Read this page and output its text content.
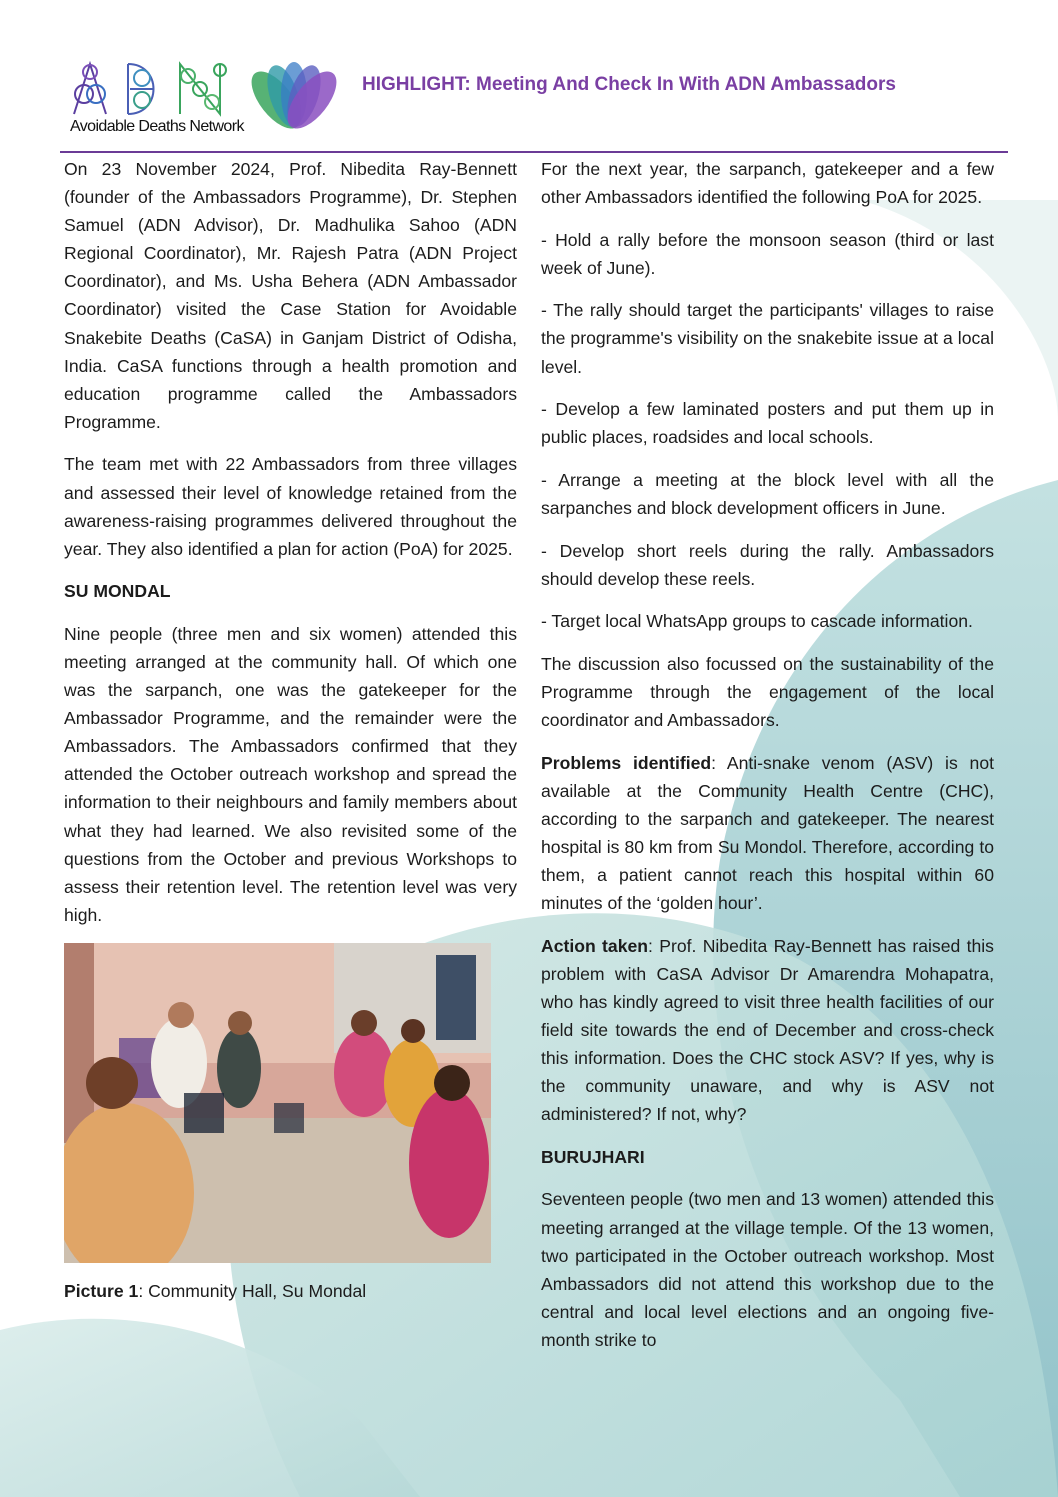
Avoidable Deaths Network
HIGHLIGHT: Meeting And Check In With ADN Ambassadors

On 23 November 2024, Prof. Nibedita Ray-Bennett (founder of the Ambassadors Programme), Dr. Stephen Samuel (ADN Advisor), Dr. Madhulika Sahoo (ADN Regional Coordinator), Mr. Rajesh Patra (ADN Project Coordinator), and Ms. Usha Behera (ADN Ambassador Coordinator) visited the Case Station for Avoidable Snakebite Deaths (CaSA) in Ganjam District of Odisha, India. CaSA functions through a health promotion and education programme called the Ambassadors Programme.

The team met with 22 Ambassadors from three villages and assessed their level of knowledge retained from the awareness-raising programmes delivered throughout the year. They also identified a plan for action (PoA) for 2025.

SU MONDAL

Nine people (three men and six women) attended this meeting arranged at the community hall. Of which one was the sarpanch, one was the gatekeeper for the Ambassador Programme, and the remainder were the Ambassadors. The Ambassadors confirmed that they attended the October outreach workshop and spread the information to their neighbours and family members about what they had learned. We also revisited some of the questions from the October and previous Workshops to assess their retention level. The retention level was very high.

Picture 1: Community Hall, Su Mondal

For the next year, the sarpanch, gatekeeper and a few other Ambassadors identified the following PoA for 2025.

- Hold a rally before the monsoon season (third or last week of June).

- The rally should target the participants' villages to raise the programme's visibility on the snakebite issue at a local level.

- Develop a few laminated posters and put them up in public places, roadsides and local schools.

- Arrange a meeting at the block level with all the sarpanches and block development officers in June.

- Develop short reels during the rally. Ambassadors should develop these reels.

- Target local WhatsApp groups to cascade information.

The discussion also focussed on the sustainability of the Programme through the engagement of the local coordinator and Ambassadors.

Problems identified: Anti-snake venom (ASV) is not available at the Community Health Centre (CHC), according to the sarpanch and gatekeeper. The nearest hospital is 80 km from Su Mondol. Therefore, according to them, a patient cannot reach this hospital within 60 minutes of the ‘golden hour’.

Action taken: Prof. Nibedita Ray-Bennett has raised this problem with CaSA Advisor Dr Amarendra Mohapatra, who has kindly agreed to visit three health facilities of our field site towards the end of December and cross-check this information. Does the CHC stock ASV? If yes, why is the community unaware, and why is ASV not administered? If not, why?

BURUJHARI

Seventeen people (two men and 13 women) attended this meeting arranged at the village temple. Of the 13 women, two participated in the October outreach workshop. Most Ambassadors did not attend this workshop due to the central and local level elections and an ongoing five-month strike to
